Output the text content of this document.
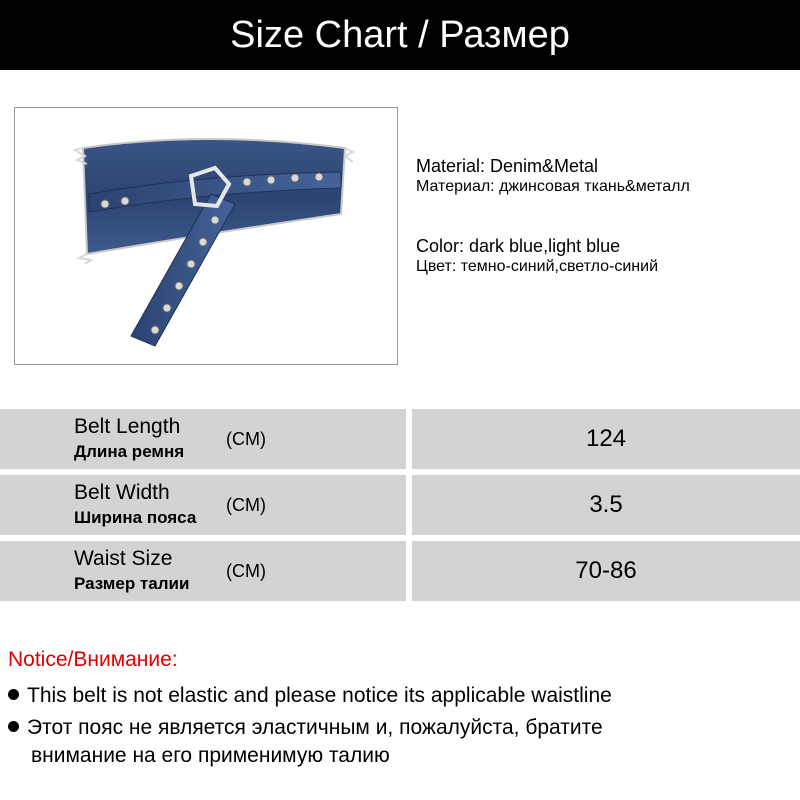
Size Chart / Размер
Material: Denim&Metal
Материал: джинсовая ткань&металл
Color: dark blue,light blue
Цвет: темно-синий,светло-синий
Belt Length
Длина ремня
(CM)	124
Belt Width
Ширина пояса
(CM)	3.5
Waist Size
Размер талии
(CM)	70-86
Notice/Внимание:
This belt is not elastic and please notice its applicable waistline
Этот пояс не является эластичным и, пожалуйста, братите
внимание на его применимую талию
